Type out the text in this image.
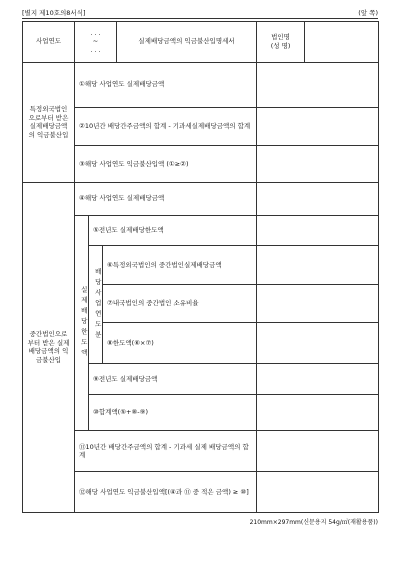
[별지 제10호의8서식]	(앞 쪽)
사업연도	. . .
~
. . .			실제배당금액의 익금불산입명세서	법인명
(성 명)	
특정외국법인으로부터 받은 실제배당금액의 익금불산입	①해당 사업연도 실제배당금액					
	②10년간 배당간주금액의 합계 - 기과세실제배당금액의 합계					
	③해당 사업연도 익금불산입액 (①≥②)					
중간법인으로부터 받은 실제배당금액의 익금불산입	④해당 사업연도 실제배당금액					

	실제배당한도액	⑤전년도 실제배당한도액				

		배당사업연도분	⑥특정외국법인의 중간법인실제배당금액			
			⑦내국법인의 중간법인 소유비율			
			⑧한도액(⑥×⑦)			
		⑨전년도 실제배당금액				
		⑩합계액(⑤+⑧-⑨)				
	⑪10년간 배당간주금액의 합계 - 기과세 실제 배당금액의 합계					
	⑫해당 사업연도 익금불산입액[(④과 ⑪ 중 적은 금액) ≥ ⑩]					
210mm×297mm(신문용지 54g/㎡(재활용품))
